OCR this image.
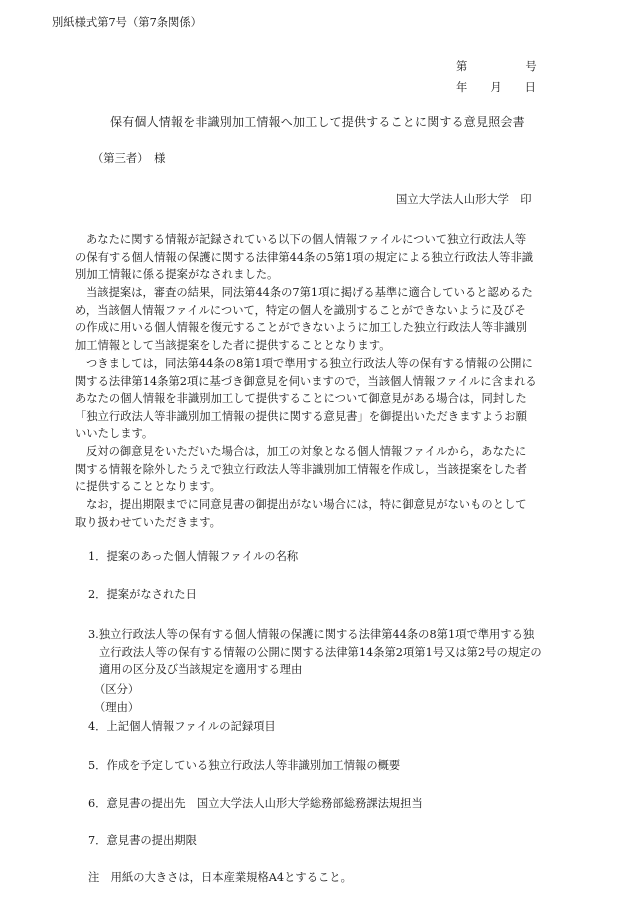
別紙様式第7号（第7条関係）
第	号
年 月 日
保有個人情報を非識別加工情報へ加工して提供することに関する意見照会書
（第三者）　様
国立大学法人山形大学　印
あなたに関する情報が記録されている以下の個人情報ファイルについて独立行政法人等
の保有する個人情報の保護に関する法律第44条の5第1項の規定による独立行政法人等非識
別加工情報に係る提案がなされました。
当該提案は，審査の結果，同法第44条の7第1項に掲げる基準に適合していると認めるた
め，当該個人情報ファイルについて，特定の個人を識別することができないように及びそ
の作成に用いる個人情報を復元することができないように加工した独立行政法人等非識別
加工情報として当該提案をした者に提供することとなります。
つきましては，同法第44条の8第1項で準用する独立行政法人等の保有する情報の公開に
関する法律第14条第2項に基づき御意見を伺いますので，当該個人情報ファイルに含まれる
あなたの個人情報を非識別加工して提供することについて御意見がある場合は，同封した
「独立行政法人等非識別加工情報の提供に関する意見書」を御提出いただきますようお願
いいたします。
反対の御意見をいただいた場合は，加工の対象となる個人情報ファイルから，あなたに
関する情報を除外したうえで独立行政法人等非識別加工情報を作成し，当該提案をした者
に提供することとなります。
なお，提出期限までに同意見書の御提出がない場合には，特に御意見がないものとして
取り扱わせていただきます。
1．提案のあった個人情報ファイルの名称
2．提案がなされた日
3.独立行政法人等の保有する個人情報の保護に関する法律第44条の8第1項で準用する独
立行政法人等の保有する情報の公開に関する法律第14条第2項第1号又は第2号の規定の
適用の区分及び当該規定を適用する理由
（区分）
（理由）
4．上記個人情報ファイルの記録項目
5．作成を予定している独立行政法人等非識別加工情報の概要
6．意見書の提出先　国立大学法人山形大学総務部総務課法規担当
7．意見書の提出期限
注　用紙の大きさは，日本産業規格A4とすること。
